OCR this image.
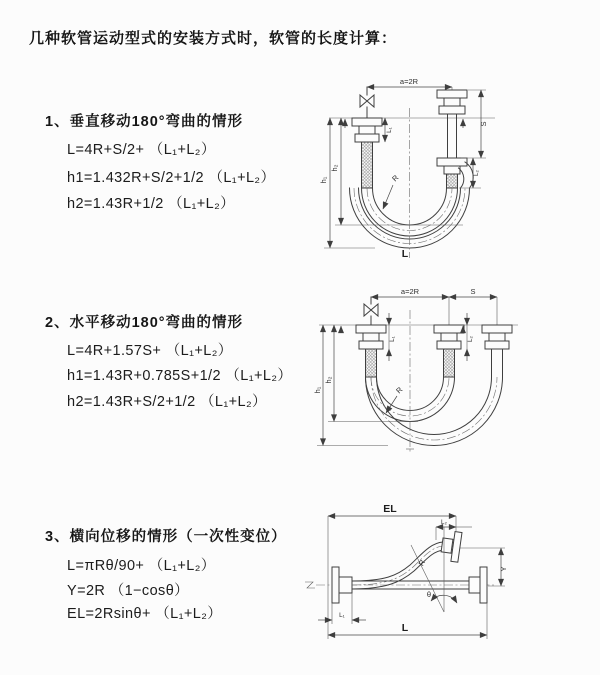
几种软管运动型式的安装方式时，软管的长度计算：
1、垂直移动180°弯曲的情形
L=4R+S/2+ （L₁+L₂）
h1=1.432R+S/2+1/2 （L₁+L₂）
h2=1.43R+1/2 （L₁+L₂）
2、水平移动180°弯曲的情形
L=4R+1.57S+ （L₁+L₂）
h1=1.43R+0.785S+1/2 （L₁+L₂）
h2=1.43R+S/2+1/2 （L₁+L₂）
3、横向位移的情形（一次性变位）
L=πRθ/90+ （L₁+L₂）
Y=2R （1−cosθ）
EL=2Rsinθ+ （L₁+L₂）
a=2R
h₁
h₂
L₁
S
L₂
R
L
a=2R	S
h₁
h₂
L₁	L₂
R
EL
L₂
Y
R
θ
L
L₁
